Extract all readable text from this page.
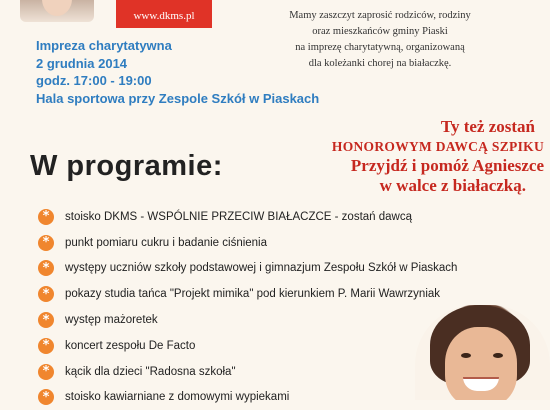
www.dkms.pl	Mamy zaszczyt zaprosić rodziców, rodziny
oraz mieszkańców gminy Piaski
na imprezę charytatywną, organizowaną
dla koleżanki chorej na białaczkę.
Impreza charytatywna
2 grudnia 2014
godz. 17:00 - 19:00
Hala sportowa przy Zespole Szkół w Piaskach
Ty też zostań
HONOROWYM DAWCĄ SZPIKU
Przyjdź i pomóż Agnieszce
w walce z białaczką.
W programie:
*	stoisko DKMS - WSPÓLNIE PRZECIW BIAŁACZCE - zostań dawcą
*	punkt pomiaru cukru i badanie ciśnienia
*	występy uczniów szkoły podstawowej i gimnazjum Zespołu Szkół w Piaskach
*	pokazy studia tańca "Projekt mimika" pod kierunkiem P. Marii Wawrzyniak
*	występ mażoretek
*	koncert zespołu De Facto
*	kącik dla dzieci "Radosna szkoła"
*	stoisko kawiarniane z domowymi wypiekami
